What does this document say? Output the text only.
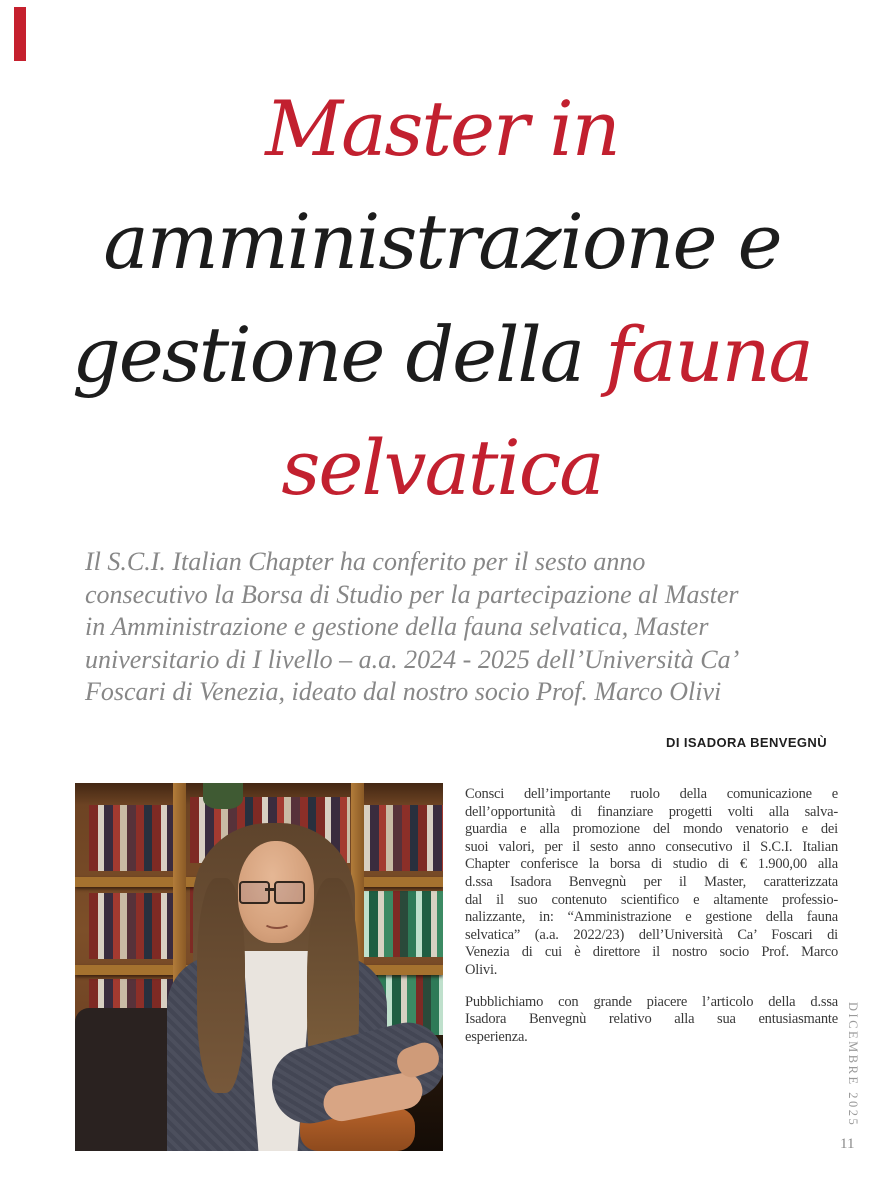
Master in
amministrazione e
gestione della fauna
selvatica
Il S.C.I. Italian Chapter ha conferito per il sesto anno
consecutivo la Borsa di Studio per la partecipazione al Master
in Amministrazione e gestione della fauna selvatica, Master
universitario di I livello – a.a. 2024 - 2025 dell’Università Ca’
Foscari di Venezia, ideato dal nostro socio Prof. Marco Olivi
DI ISADORA BENVEGNÙ
Consci dell’importante ruolo della comunicazione e
dell’opportunità di finanziare progetti volti alla salva-
guardia e alla promozione del mondo venatorio e dei
suoi valori, per il sesto anno consecutivo il S.C.I. Italian
Chapter conferisce la borsa di studio di € 1.900,00 alla
d.ssa Isadora Benvegnù per il Master, caratterizzata
dal il suo contenuto scientifico e altamente professio-
nalizzante, in: “Amministrazione e gestione della fauna
selvatica” (a.a. 2022/23) dell’Università Ca’ Foscari di
Venezia di cui è direttore il nostro socio Prof. Marco
Olivi.
Pubblichiamo con grande piacere l’articolo della d.ssa
Isadora Benvegnù relativo alla sua entusiasmante
esperienza.	DICEMBRE 2025
11
